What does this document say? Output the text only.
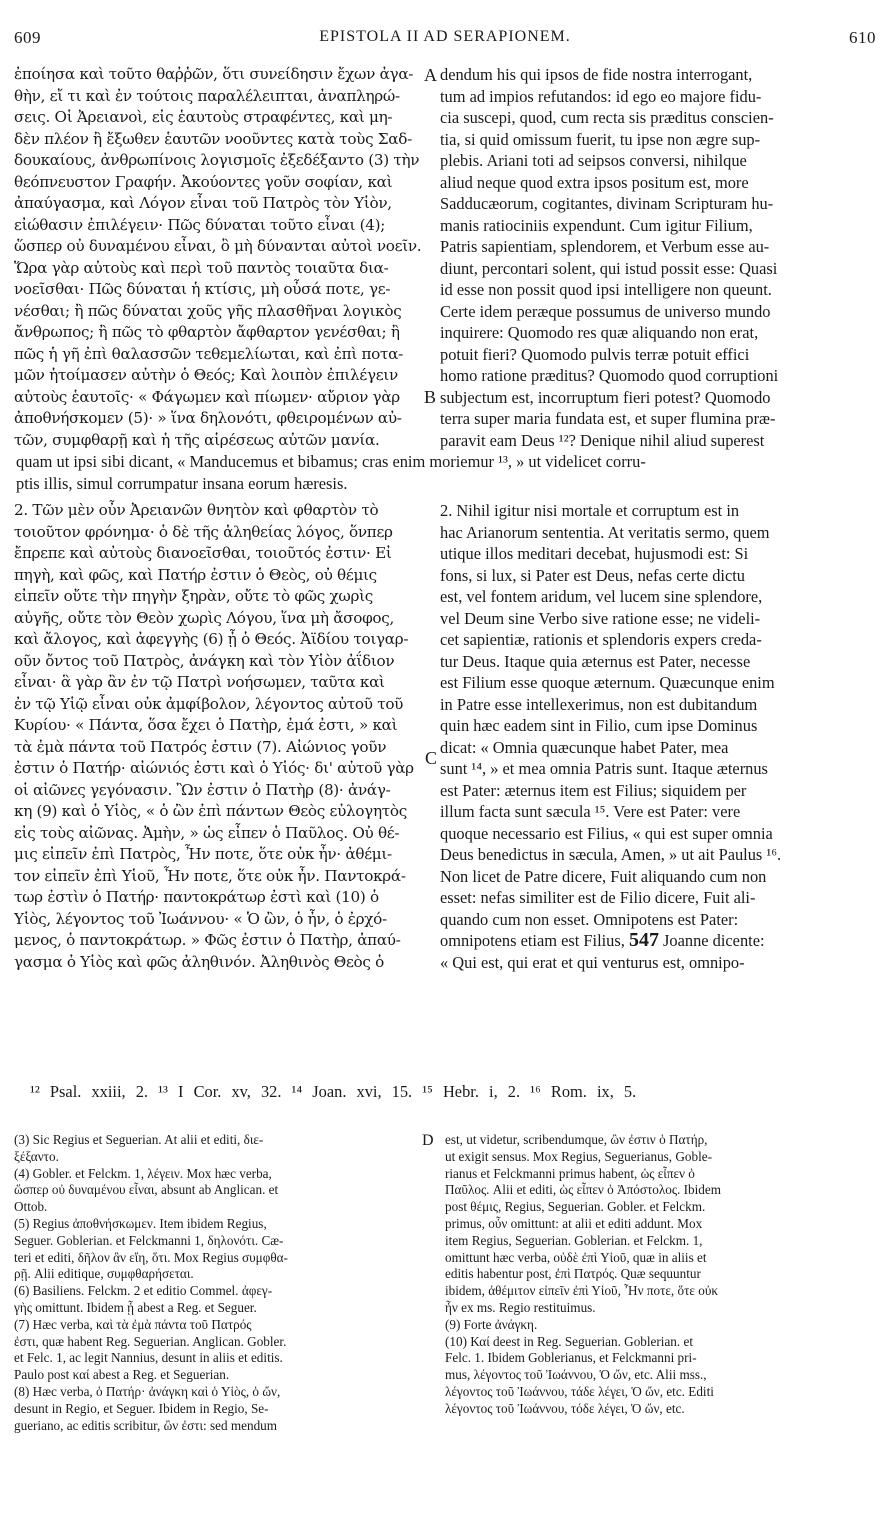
609	EPISTOLA II AD SERAPIONEM.	610
ἐποίησα καὶ τοῦτο θαῤῥῶν, ὅτι συνείδησιν ἔχων ἀγα-
θὴν, εἴ τι καὶ ἐν τούτοις παραλέλειπται, ἀναπληρώ-
σεις. Οἱ Ἀρειανοὶ, εἰς ἑαυτοὺς στραφέντες, καὶ μη-
δὲν πλέον ἢ ἔξωθεν ἑαυτῶν νοοῦντες κατὰ τοὺς Σαδ-
δουκαίους, ἀνθρωπίνοις λογισμοῖς ἐξεδέξαντο (3) τὴν
θεόπνευστον Γραφήν. Ἀκούοντες γοῦν σοφίαν, καὶ
ἀπαύγασμα, καὶ Λόγον εἶναι τοῦ Πατρὸς τὸν Υἱὸν,
εἰώθασιν ἐπιλέγειν· Πῶς δύναται τοῦτο εἶναι (4);
ὥσπερ οὐ δυναμένου εἶναι, ὃ μὴ δύνανται αὐτοὶ νοεῖν.
Ὥρα γὰρ αὐτοὺς καὶ περὶ τοῦ παντὸς τοιαῦτα δια-
νοεῖσθαι· Πῶς δύναται ἡ κτίσις, μὴ οὖσά ποτε, γε-
νέσθαι; ἢ πῶς δύναται χοῦς γῆς πλασθῆναι λογικὸς
ἄνθρωπος; ἢ πῶς τὸ φθαρτὸν ἄφθαρτον γενέσθαι; ἢ
πῶς ἡ γῆ ἐπὶ θαλασσῶν τεθεμελίωται, καὶ ἐπὶ ποτα-
μῶν ἡτοίμασεν αὐτὴν ὁ Θεός; Καὶ λοιπὸν ἐπιλέγειν
αὐτοὺς ἑαυτοῖς· « Φάγωμεν καὶ πίωμεν· αὔριον γὰρ
ἀποθνήσκομεν (5)· » ἵνα δηλονότι, φθειρομένων αὐ-
τῶν, συμφθαρῇ καὶ ἡ τῆς αἱρέσεως αὐτῶν μανία.
dendum his qui ipsos de fide nostra interrogant,
tum ad impios refutandos: id ego eo majore fidu-
cia suscepi, quod, cum recta sis præditus conscien-
tia, si quid omissum fuerit, tu ipse non ægre sup-
plebis. Ariani toti ad seipsos conversi, nihilque
aliud neque quod extra ipsos positum est, more
Sadducæorum, cogitantes, divinam Scripturam hu-
manis ratiociniis expendunt. Cum igitur Filium,
Patris sapientiam, splendorem, et Verbum esse au-
diunt, percontari solent, qui istud possit esse: Quasi
id esse non possit quod ipsi intelligere non queunt.
Certe idem peræque possumus de universo mundo
inquirere: Quomodo res quæ aliquando non erat,
potuit fieri? Quomodo pulvis terræ potuit effici
homo ratione præditus? Quomodo quod corruptioni
subjectum est, incorruptum fieri potest? Quomodo
terra super maria fundata est, et super flumina præ-
paravit eam Deus ¹²? Denique nihil aliud superest
A
B
quam ut ipsi sibi dicant, « Manducemus et bibamus; cras enim moriemur ¹³, » ut videlicet corru-
ptis illis, simul corrumpatur insana eorum hæresis.
2. Τῶν μὲν οὖν Ἀρειανῶν θνητὸν καὶ φθαρτὸν τὸ
τοιοῦτον φρόνημα· ὁ δὲ τῆς ἀληθείας λόγος, ὅνπερ
ἔπρεπε καὶ αὐτοὺς διανοεῖσθαι, τοιοῦτός ἐστιν· Εἰ
πηγὴ, καὶ φῶς, καὶ Πατήρ ἐστιν ὁ Θεὸς, οὐ θέμις
εἰπεῖν οὔτε τὴν πηγὴν ξηρὰν, οὔτε τὸ φῶς χωρὶς
αὐγῆς, οὔτε τὸν Θεὸν χωρὶς Λόγου, ἵνα μὴ ἄσοφος,
καὶ ἄλογος, καὶ ἀφεγγὴς (6) ᾖ ὁ Θεός. Ἀϊδίου τοιγαρ-
οῦν ὄντος τοῦ Πατρὸς, ἀνάγκη καὶ τὸν Υἱὸν ἀΐδιον
εἶναι· ἃ γὰρ ἂν ἐν τῷ Πατρὶ νοήσωμεν, ταῦτα καὶ
ἐν τῷ Υἱῷ εἶναι οὐκ ἀμφίβολον, λέγοντος αὐτοῦ τοῦ
Κυρίου· « Πάντα, ὅσα ἔχει ὁ Πατὴρ, ἐμά ἐστι, » καὶ
τὰ ἐμὰ πάντα τοῦ Πατρός ἐστιν (7). Αἰώνιος γοῦν
ἐστιν ὁ Πατήρ· αἰώνιός ἐστι καὶ ὁ Υἱός· δι' αὐτοῦ γὰρ
οἱ αἰῶνες γεγόνασιν. Ὢν ἐστιν ὁ Πατὴρ (8)· ἀνάγ-
κη (9) καὶ ὁ Υἱὸς, « ὁ ὢν ἐπὶ πάντων Θεὸς εὐλογητὸς
εἰς τοὺς αἰῶνας. Ἀμὴν, » ὡς εἶπεν ὁ Παῦλος. Οὐ θέ-
μις εἰπεῖν ἐπὶ Πατρὸς, Ἦν ποτε, ὅτε οὐκ ἦν· ἀθέμι-
τον εἰπεῖν ἐπὶ Υἱοῦ, Ἦν ποτε, ὅτε οὐκ ἦν. Παντοκρά-
τωρ ἐστὶν ὁ Πατήρ· παντοκράτωρ ἐστὶ καὶ (10) ὁ
Υἱὸς, λέγοντος τοῦ Ἰωάννου· « Ὁ ὢν, ὁ ἦν, ὁ ἐρχό-
μενος, ὁ παντοκράτωρ. » Φῶς ἐστιν ὁ Πατὴρ, ἀπαύ-
γασμα ὁ Υἱὸς καὶ φῶς ἀληθινόν. Ἀληθινὸς Θεὸς ὁ
2. Nihil igitur nisi mortale et corruptum est in
hac Arianorum sententia. At veritatis sermo, quem
utique illos meditari decebat, hujusmodi est: Si
fons, si lux, si Pater est Deus, nefas certe dictu
est, vel fontem aridum, vel lucem sine splendore,
vel Deum sine Verbo sive ratione esse; ne videli-
cet sapientiæ, rationis et splendoris expers creda-
tur Deus. Itaque quia æternus est Pater, necesse
est Filium esse quoque æternum. Quæcunque enim
in Patre esse intellexerimus, non est dubitandum
quin hæc eadem sint in Filio, cum ipse Dominus
dicat: « Omnia quæcunque habet Pater, mea
sunt ¹⁴, » et mea omnia Patris sunt. Itaque æternus
est Pater: æternus item est Filius; siquidem per
illum facta sunt sæcula ¹⁵. Vere est Pater: vere
quoque necessario est Filius, « qui est super omnia
Deus benedictus in sæcula, Amen, » ut ait Paulus ¹⁶.
Non licet de Patre dicere, Fuit aliquando cum non
esset: nefas similiter est de Filio dicere, Fuit ali-
quando cum non esset. Omnipotens est Pater:
omnipotens etiam est Filius, 547 Joanne dicente:
« Qui est, qui erat et qui venturus est, omnipo-
C
¹² Psal. xxiii, 2. ¹³ I Cor. xv, 32. ¹⁴ Joan. xvi, 15. ¹⁵ Hebr. i, 2. ¹⁶ Rom. ix, 5.
(3) Sic Regius et Seguerian. At alii et editi, διε-
ξέξαντο.
(4) Gobler. et Felckm. 1, λέγειν. Mox hæc verba,
ὥσπερ οὐ δυναμένου εἶναι, absunt ab Anglican. et
Ottob.
(5) Regius ἀποθνήσκωμεν. Item ibidem Regius,
Seguer. Goblerian. et Felckmanni 1, δηλονότι. Cæ-
teri et editi, δῆλον ἂν εἴη, ὅτι. Mox Regius συμφθα-
ρῇ. Alii editique, συμφθαρήσεται.
(6) Basiliens. Felckm. 2 et editio Commel. ἀφεγ-
γὴς omittunt. Ibidem ᾖ abest a Reg. et Seguer.
(7) Hæc verba, καὶ τὰ ἐμὰ πάντα τοῦ Πατρός
ἐστι, quæ habent Reg. Seguerian. Anglican. Gobler.
et Felc. 1, ac legit Nannius, desunt in aliis et editis.
Paulo post καί abest a Reg. et Seguerian.
(8) Hæc verba, ὁ Πατήρ· ἀνάγκη καὶ ὁ Υἱὸς, ὁ ὤν,
desunt in Regio, et Seguer. Ibidem in Regio, Se-
gueriano, ac editis scribitur, ὢν ἐστι: sed mendum
est, ut videtur, scribendumque, ὢν ἐστιν ὁ Πατήρ,
ut exigit sensus. Mox Regius, Seguerianus, Goble-
rianus et Felckmanni primus habent, ὡς εἶπεν ὁ
Παῦλος. Alii et editi, ὡς εἶπεν ὁ Ἀπόστολος. Ibidem
post θέμις, Regius, Seguerian. Gobler. et Felckm.
primus, οὖν omittunt: at alii et editi addunt. Mox
item Regius, Seguerian. Goblerian. et Felckm. 1,
omittunt hæc verba, οὐδὲ ἐπὶ Υἱοῦ, quæ in aliis et
editis habentur post, ἐπὶ Πατρός. Quæ sequuntur
ibidem, ἀθέμιτον εἰπεῖν ἐπὶ Υἱοῦ, Ἦν ποτε, ὅτε οὐκ
ἦν ex ms. Regio restituimus.
(9) Forte ἀνάγκη.
(10) Καί deest in Reg. Seguerian. Goblerian. et
Felc. 1. Ibidem Goblerianus, et Felckmanni pri-
mus, λέγοντος τοῦ Ἰωάννου, Ὁ ὤν, etc. Alii mss.,
λέγοντος τοῦ Ἰωάννου, τάδε λέγει, Ὁ ὤν, etc. Editi
λέγοντος τοῦ Ἰωάννου, τόδε λέγει, Ὁ ὤν, etc.
D
